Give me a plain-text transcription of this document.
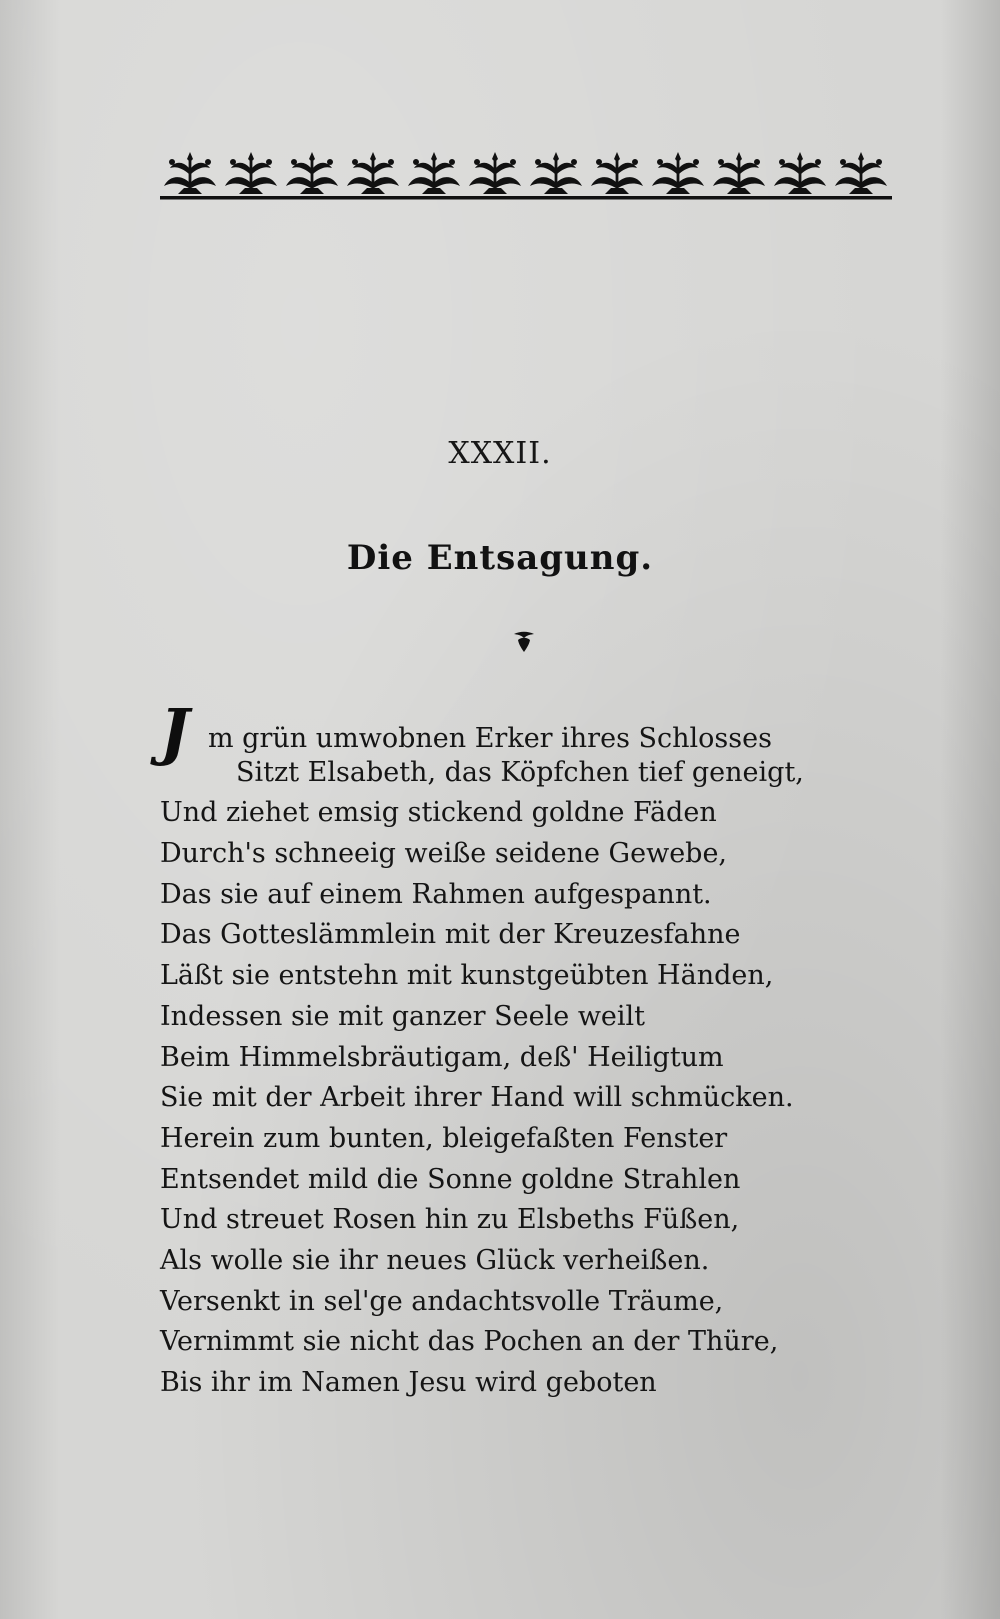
XXXII.
Die Entsagung.
Jm grün umwobnen Erker ihres Schlosses
Sitzt Elsabeth, das Köpfchen tief geneigt,
Und ziehet emsig stickend goldne Fäden
Durch's schneeig weiße seidene Gewebe,
Das sie auf einem Rahmen aufgespannt.
Das Gotteslämmlein mit der Kreuzesfahne
Läßt sie entstehn mit kunstgeübten Händen,
Indessen sie mit ganzer Seele weilt
Beim Himmelsbräutigam, deß' Heiligtum
Sie mit der Arbeit ihrer Hand will schmücken.
Herein zum bunten, bleigefaßten Fenster
Entsendet mild die Sonne goldne Strahlen
Und streuet Rosen hin zu Elsbeths Füßen,
Als wolle sie ihr neues Glück verheißen.
Versenkt in sel'ge andachtsvolle Träume,
Vernimmt sie nicht das Pochen an der Thüre,
Bis ihr im Namen Jesu wird geboten
